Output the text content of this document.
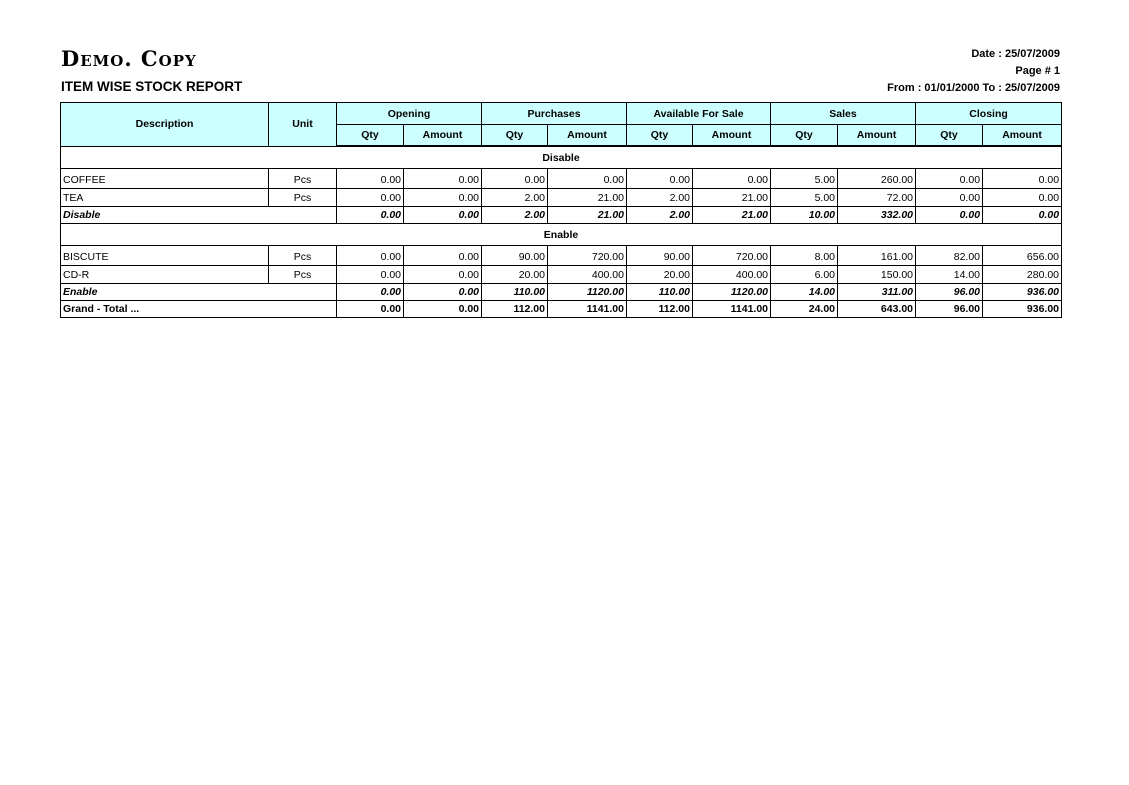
Demo. Copy
ITEM WISE STOCK REPORT
Date : 25/07/2009
Page # 1
From : 01/01/2000 To : 25/07/2009
Description	Unit	Opening		Purchases		Available For Sale		Sales		Closing	
		Qty	Amount	Qty	Amount	Qty	Amount	Qty	Amount	Qty	Amount
Disable											
COFFEE	Pcs	0.00	0.00	0.00	0.00	0.00	0.00	5.00	260.00	0.00	0.00
TEA	Pcs	0.00	0.00	2.00	21.00	2.00	21.00	5.00	72.00	0.00	0.00
Disable		0.00	0.00	2.00	21.00	2.00	21.00	10.00	332.00	0.00	0.00
Enable											
BISCUTE	Pcs	0.00	0.00	90.00	720.00	90.00	720.00	8.00	161.00	82.00	656.00
CD-R	Pcs	0.00	0.00	20.00	400.00	20.00	400.00	6.00	150.00	14.00	280.00
Enable		0.00	0.00	110.00	1120.00	110.00	1120.00	14.00	311.00	96.00	936.00
Grand - Total ...		0.00	0.00	112.00	1141.00	112.00	1141.00	24.00	643.00	96.00	936.00
